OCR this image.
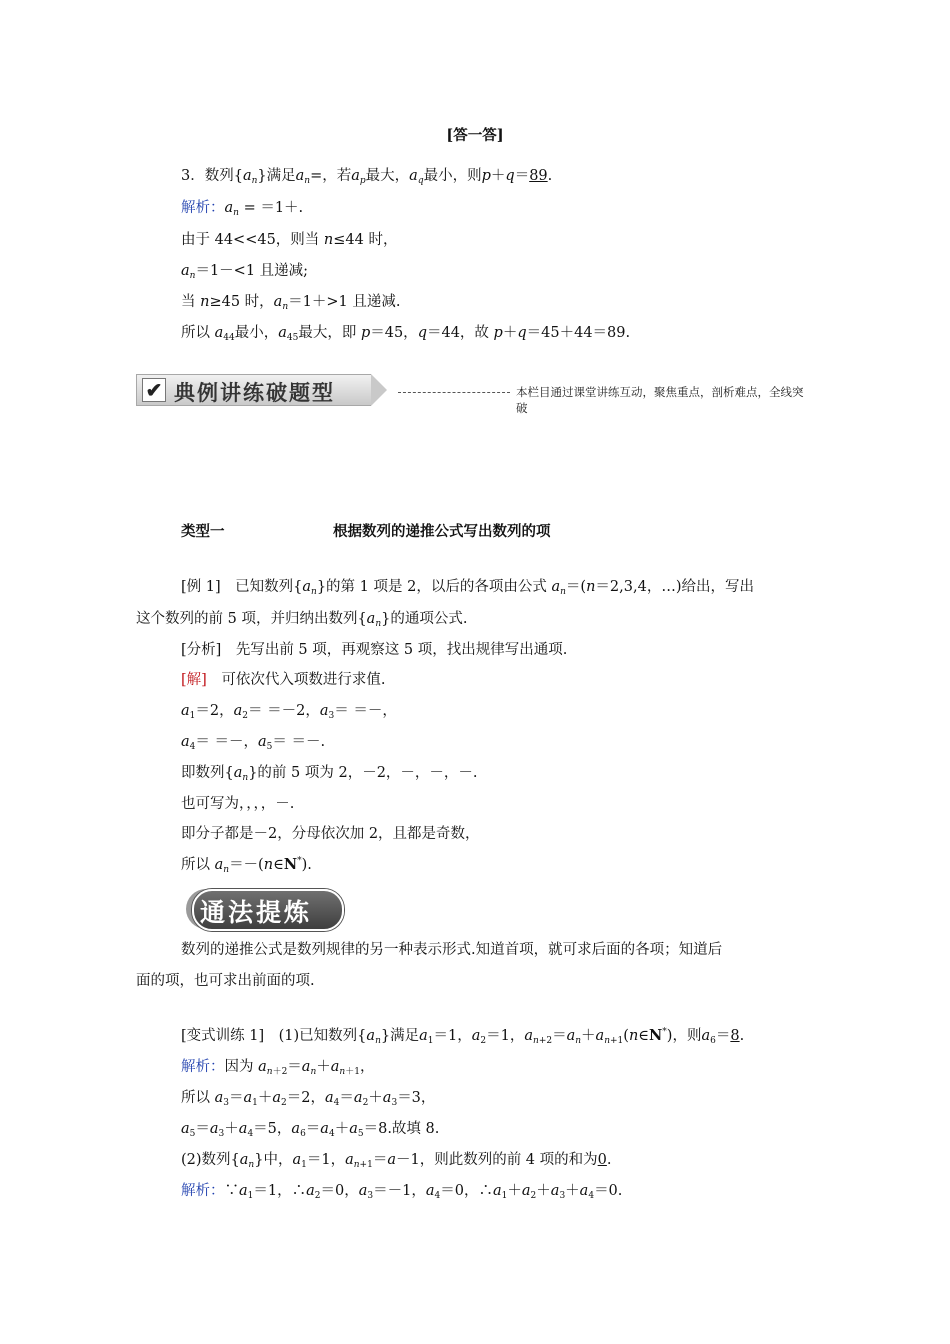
[答一答]
3．数列$\{a_n\}$满足$a_n=$，若$a_p$最大，$a_q$最小，则p＋q＝89.
解析：$a_n = =1+$.
由于 44<<45，则当 n≤44 时，
$a_n=1-<1$ 且递减;
当 n≥45 时，$a_n=1+>1$ 且递减.
所以 $a_{44}$最小，$a_{45}$最大，即 p＝45，q＝44，故 p＋q＝45＋44＝89.
✔ 典例讲练破题型	本栏目通过课堂讲练互动，聚焦重点，剖析难点，全线突破
类型一	根据数列的递推公式写出数列的项
[例 1]　已知数列$\{a_n\}$的第 1 项是 2，以后的各项由公式 $a_n=(n=2,3,4$，…)给出，写出
这个数列的前 5 项，并归纳出数列$\{a_n\}$的通项公式.
[分析]　先写出前 5 项，再观察这 5 项，找出规律写出通项.
[解]　可依次代入项数进行求值.
$a_1=2$，$a_2= =-2$，$a_3=$ ＝－，
$a_4=$ ＝－，$a_5=$ ＝－.
即数列$\{a_n\}$的前 5 项为 2，－2，－，－，－.
也可写为，，，，－.
即分子都是－2，分母依次加 2，且都是奇数，
所以 $a_n=-(n\in N^*)$.
通法提炼
数列的递推公式是数列规律的另一种表示形式.知道首项，就可求后面的各项；知道后
面的项，也可求出前面的项.
[变式训练 1]　(1)已知数列$\{a_n\}$满足$a_1=1$，$a_2=1$，$a_{n+2}=a_n+a_{n+1}(n\in N^*)$，则$a_6=8$.
解析：因为 $a_{n+2}=a_n+a_{n+1}$，
所以 $a_3=a_1+a_2=2$，$a_4=a_2+a_3=3$，
$a_5=a_3+a_4=5$，$a_6=a_4+a_5=8$.故填 8.
(2)数列$\{a_n\}$中，$a_1=1$，$a_{n+1}=a-1$，则此数列的前 4 项的和为0.
解析：$\because a_1=1$，$\therefore a_2=0$，$a_3=-1$，$a_4=0$，$\therefore a_1+a_2+a_3+a_4=0$.
